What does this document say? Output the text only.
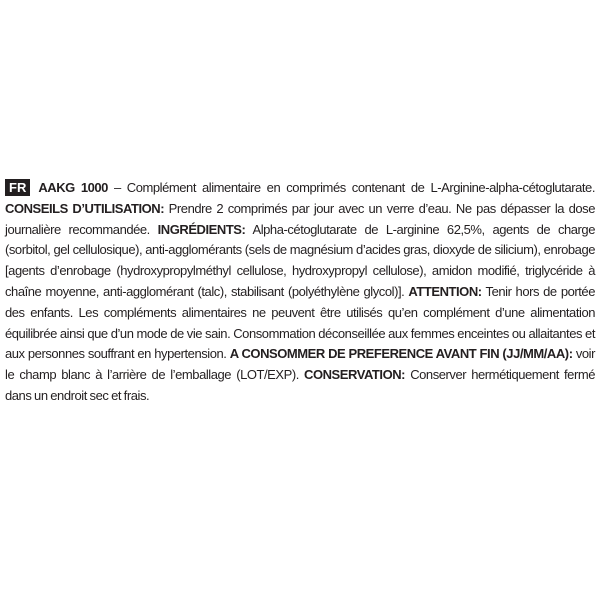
FR AAKG 1000 – Complément alimentaire en comprimés contenant de L-Arginine-alpha-cétoglutarate. CONSEILS D’UTILISATION: Prendre 2 comprimés par jour avec un verre d’eau. Ne pas dépasser la dose journalière recommandée. INGRÉDIENTS: Alpha-cétoglutarate de L-arginine 62,5%, agents de charge (sorbitol, gel cellulosique), anti-agglomérants (sels de magnésium d’acides gras, dioxyde de silicium), enrobage [agents d’enrobage (hydroxypropylméthyl cellulose, hydroxypropyl cellulose), amidon modifié, triglycéride à chaîne moyenne, anti-agglomérant (talc), stabilisant (polyéthylène glycol)]. ATTENTION: Tenir hors de portée des enfants. Les compléments alimentaires ne peuvent être utilisés qu’en complément d’une alimentation équilibrée ainsi que d’un mode de vie sain. Consommation déconseillée aux femmes enceintes ou allaitantes et aux personnes souffrant en hypertension. A CONSOMMER DE PREFERENCE AVANT FIN (JJ/MM/AA): voir le champ blanc à l’arrière de l’emballage (LOT/EXP). CONSERVATION: Conserver hermétiquement fermé dans un endroit sec et frais.
